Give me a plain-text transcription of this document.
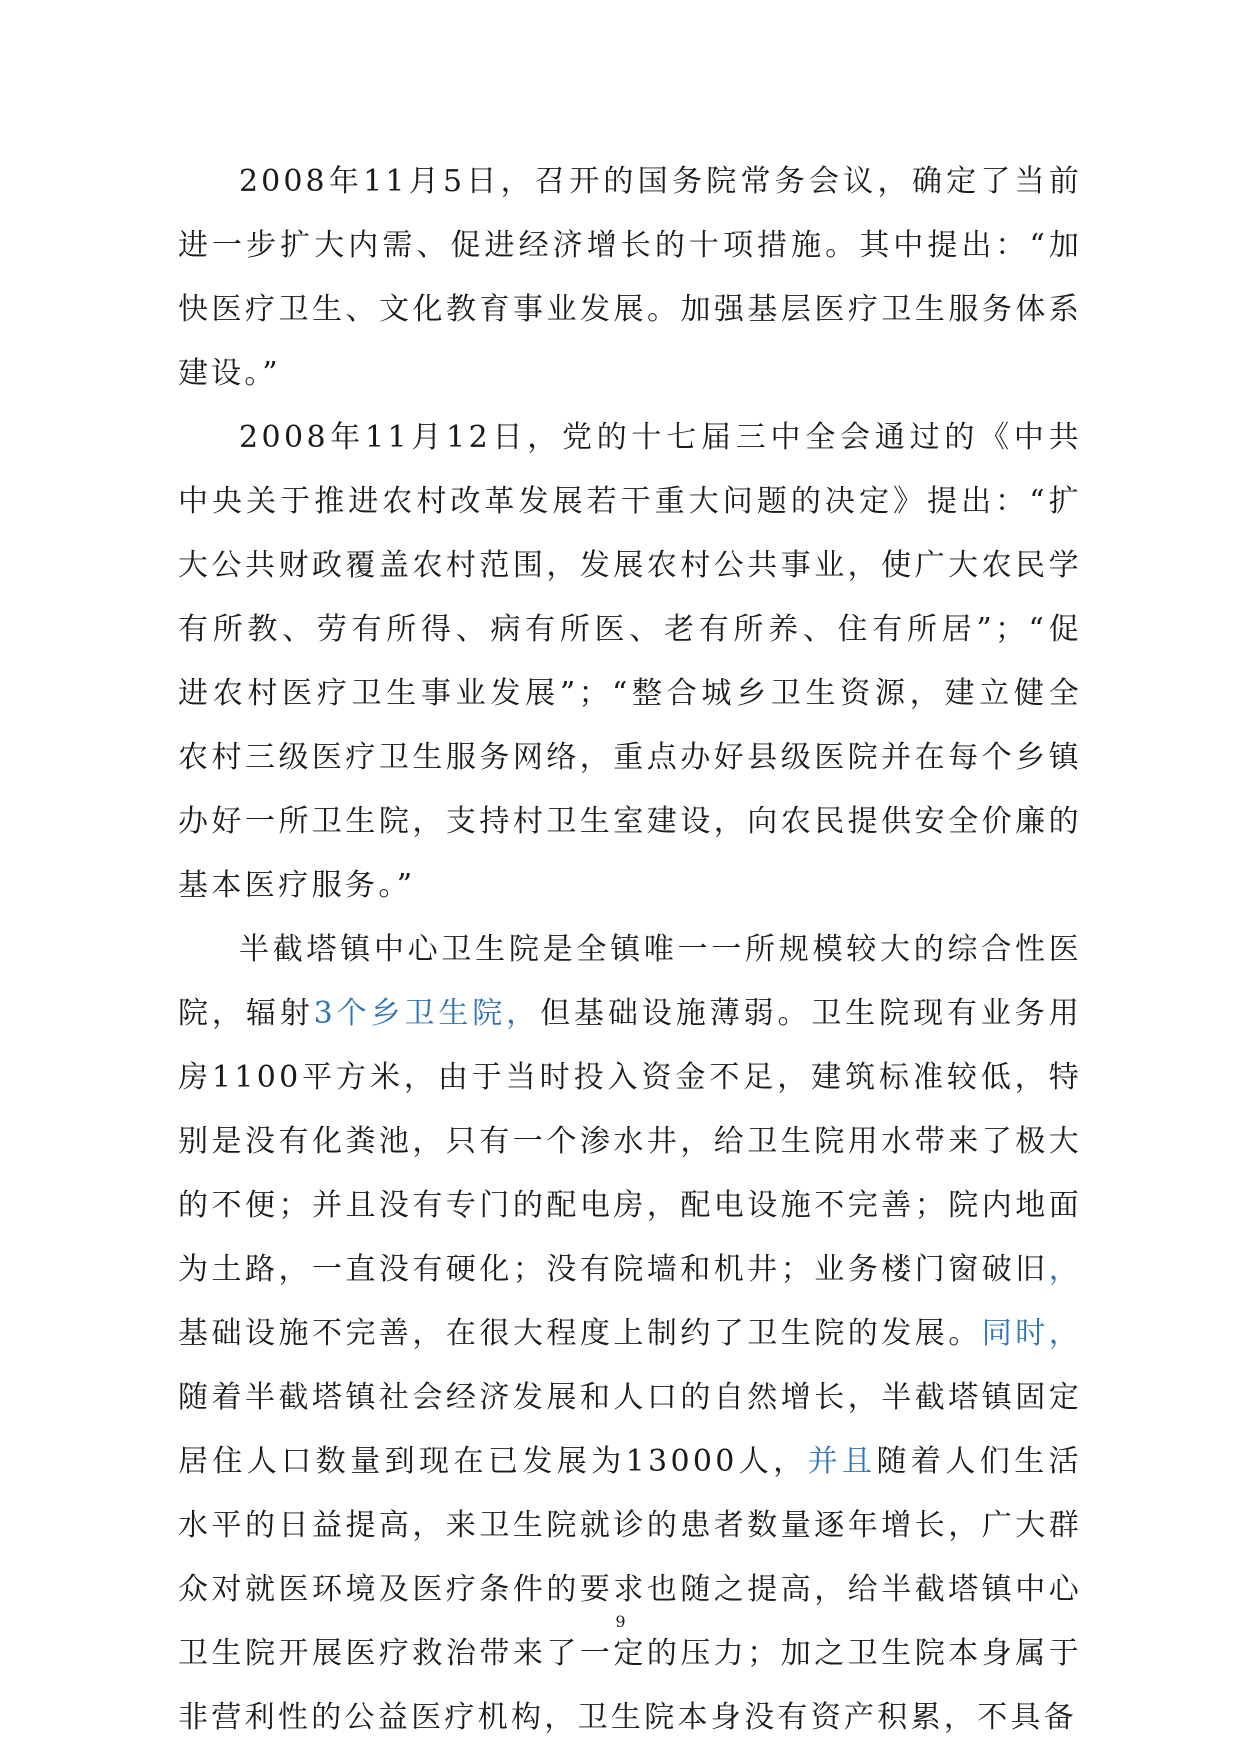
2008年11月5日，召开的国务院常务会议，确定了当前进一步扩大内需、促进经济增长的十项措施。其中提出：“加快医疗卫生、文化教育事业发展。加强基层医疗卫生服务体系建设。”

2008年11月12日，党的十七届三中全会通过的《中共中央关于推进农村改革发展若干重大问题的决定》提出：“扩大公共财政覆盖农村范围，发展农村公共事业，使广大农民学有所教、劳有所得、病有所医、老有所养、住有所居”；“促进农村医疗卫生事业发展”；“整合城乡卫生资源，建立健全农村三级医疗卫生服务网络，重点办好县级医院并在每个乡镇办好一所卫生院，支持村卫生室建设，向农民提供安全价廉的基本医疗服务。”

半截塔镇中心卫生院是全镇唯一一所规模较大的综合性医院，辐射3个乡卫生院，但基础设施薄弱。卫生院现有业务用房1100平方米，由于当时投入资金不足，建筑标准较低，特别是没有化粪池，只有一个渗水井，给卫生院用水带来了极大的不便；并且没有专门的配电房，配电设施不完善；院内地面为土路，一直没有硬化；没有院墙和机井；业务楼门窗破旧，基础设施不完善，在很大程度上制约了卫生院的发展。同时，随着半截塔镇社会经济发展和人口的自然增长，半截塔镇固定居住人口数量到现在已发展为13000人，并且随着人们生活水平的日益提高，来卫生院就诊的患者数量逐年增长，广大群众对就医环境及医疗条件的要求也随之提高，给半截塔镇中心卫生院开展医疗救治带来了一定的压力；加之卫生院本身属于非营利性的公益医疗机构，卫生院本身没有资产积累，不具备

9
